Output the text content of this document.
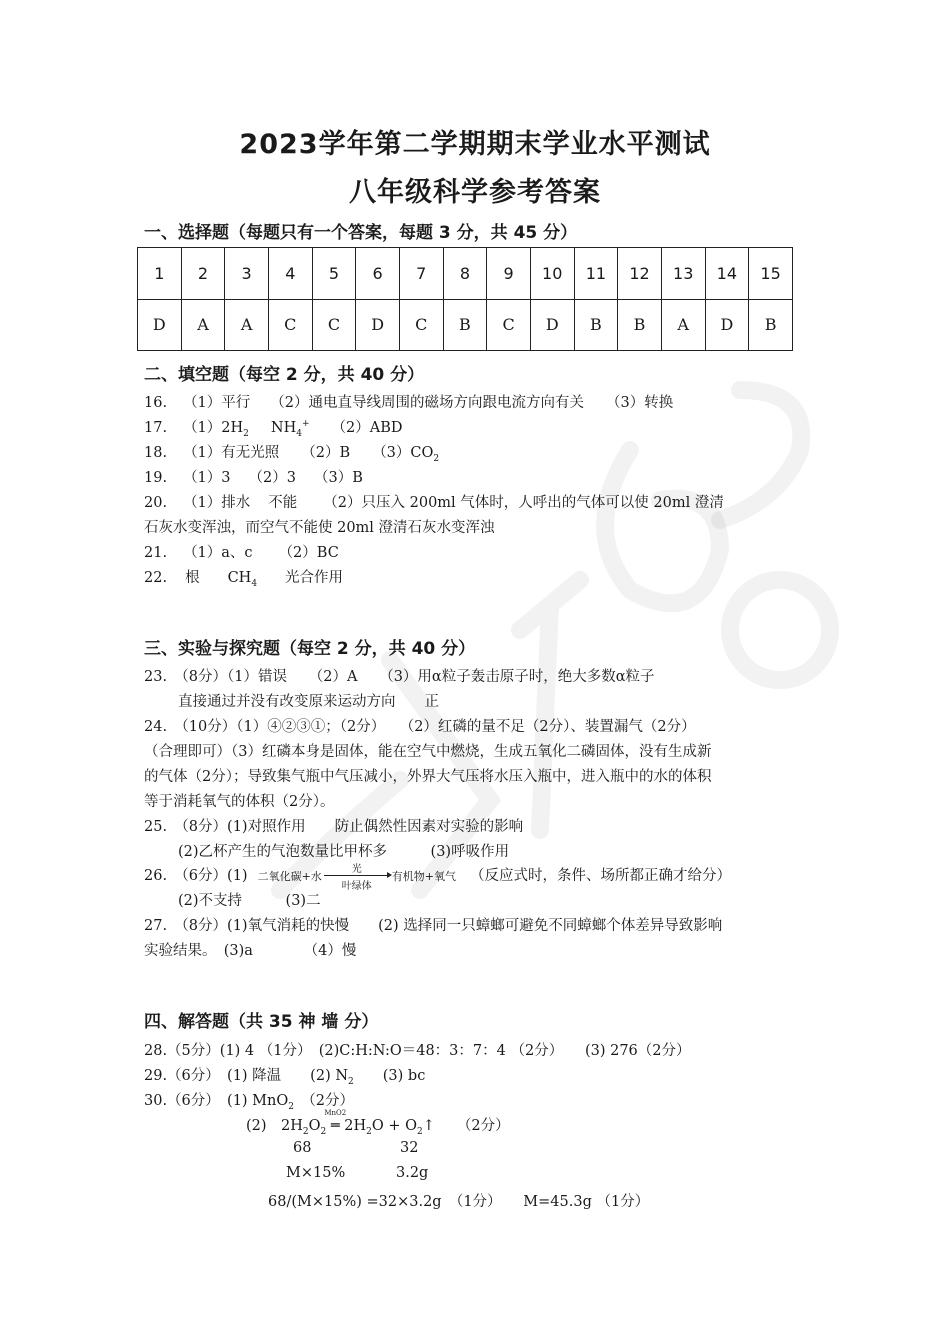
2023学年第二学期期末学业水平测试
八年级科学参考答案
一、选择题（每题只有一个答案，每题 3 分，共 45 分）
1	2	3	4	5	6	7	8	9	10	11	12	13	14	15
D	A	A	C	C	D	C	B	C	D	B	B	A	D	B
二、填空题（每空 2 分，共 40 分）
16. （1）平行 （2）通电直导线周围的磁场方向跟电流方向有关 （3）转换
17. $(1)2H_2$ $NH_4^+$ （2）ABD
18. （1）有无光照 （2）B $(3)CO_2$
19. （1）3 （2）3 （3）B
20. （1）排水 不能 （2）只压入 200ml 气体时，人呼出的气体可以使 20ml 澄清
石灰水变浑浊，而空气不能使 20ml 澄清石灰水变浑浊
21. （1）a、c （2）BC
22. 根 $CH_4$ 光合作用
三、实验与探究题（每空 2 分，共 40 分）
23.　（8分）（1）错误　　（2）A　　（3）用α粒子轰击原子时，绝大多数α粒子
直接通过并没有改变原来运动方向　　正
24.　（10分）（1）④②③①；（2分）　　（2）红磷的量不足（2分）、装置漏气（2分）
（合理即可）（3）红磷本身是固体，能在空气中燃烧，生成五氧化二磷固体，没有生成新
的气体（2分）；导致集气瓶中气压减小，外界大气压将水压入瓶中，进入瓶中的水的体积
等于消耗氧气的体积（2分）。
25.　（8分）(1)对照作用　　防止偶然性因素对实验的影响
(2)乙杯产生的气泡数量比甲杯多　　　(3)呼吸作用
26.　（6分）(1) 二氧化碳+水
光
叶绿体
有机物+氧气 （反应式时，条件、场所都正确才给分）
(2)不支持　　　(3)二
27.　（8分）(1)氧气消耗的快慢　　(2) 选择同一只蟑螂可避免不同蟑螂个体差异导致影响
实验结果。　(3)a　　　　（4）慢
四、解答题（共 35 神 墙 分）
28.（5分）(1) 4 （1分）　(2)C:H:N:O＝48：3：7：4 （2分）　　(3) 276（2分）
29.（6分）　(1) 降温　　(2) $N_2$　　(3) bc
30.（6分）　(1) MnO$_2$　（2分）
(2)　$2H_2O_2$
MnO2
═ $2H_2O$ + $O_2↑$ （2分）
68	32
M×15%	3.2g
68/(M×15%) =32×3.2g　（1分）　　M=45.3g （1分）
